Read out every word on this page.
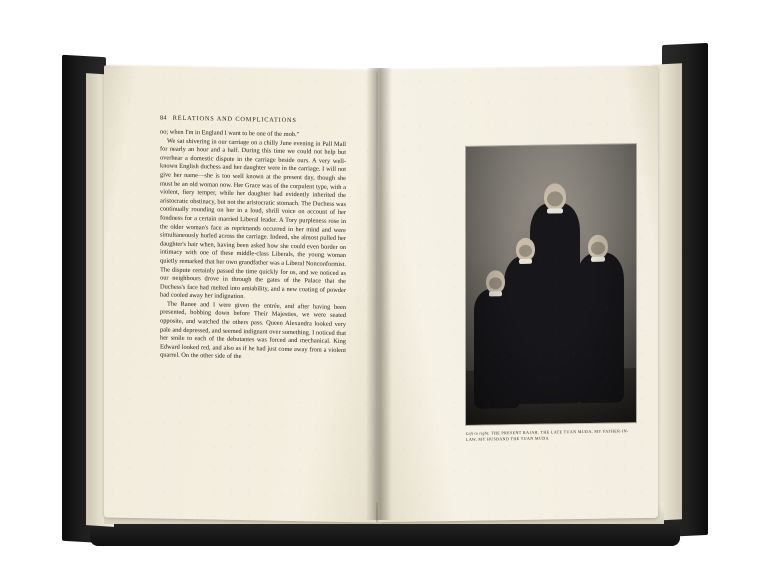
84 RELATIONS AND COMPLICATIONS

no; when I'm in England I want to be one of the mob."

We sat shivering in our carriage on a chilly June evening in Pall Mall for nearly an hour and a half. During this time we could not help but overhear a domestic dispute in the carriage beside ours. A very well-known English duchess and her daughter were in the carriage. I will not give her name—she is too well known at the present day, though she must be an old woman now. Her Grace was of the corpulent type, with a violent, fiery temper, while her daughter had evidently inherited the aristocratic obstinacy, but not the aristocratic stomach. The Duchess was continually rounding on her in a loud, shrill voice on account of her fondness for a certain married Liberal leader. A Tory purpleness rose in the older woman's face as reprimands occurred in her mind and were simultaneously hurled across the carriage. Indeed, she almost pulled her daughter's hair when, having been asked how she could even border on intimacy with one of these middle-class Liberals, the young woman quietly remarked that her own grandfather was a Liberal Nonconformist. The dispute certainly passed the time quickly for us, and we noticed as our neighbours drove in through the gates of the Palace that the Duchess's face had melted into amiability, and a new coating of powder had cooled away her indignation.

The Ranee and I were given the entrée, and after having been presented, bobbing down before Their Majesties, we were seated opposite, and watched the others pass. Queen Alexandra looked very pale and depressed, and seemed indignant over something. I noticed that her smile to each of the debutantes was forced and mechanical. King Edward looked red, and also as if he had just come away from a violent quarrel. On the other side of the

Left to right: THE PRESENT RAJAH, THE LATE TUAN MUDA, MY FATHER-IN-LAW, MY HUSBAND THE TUAN MUDA
